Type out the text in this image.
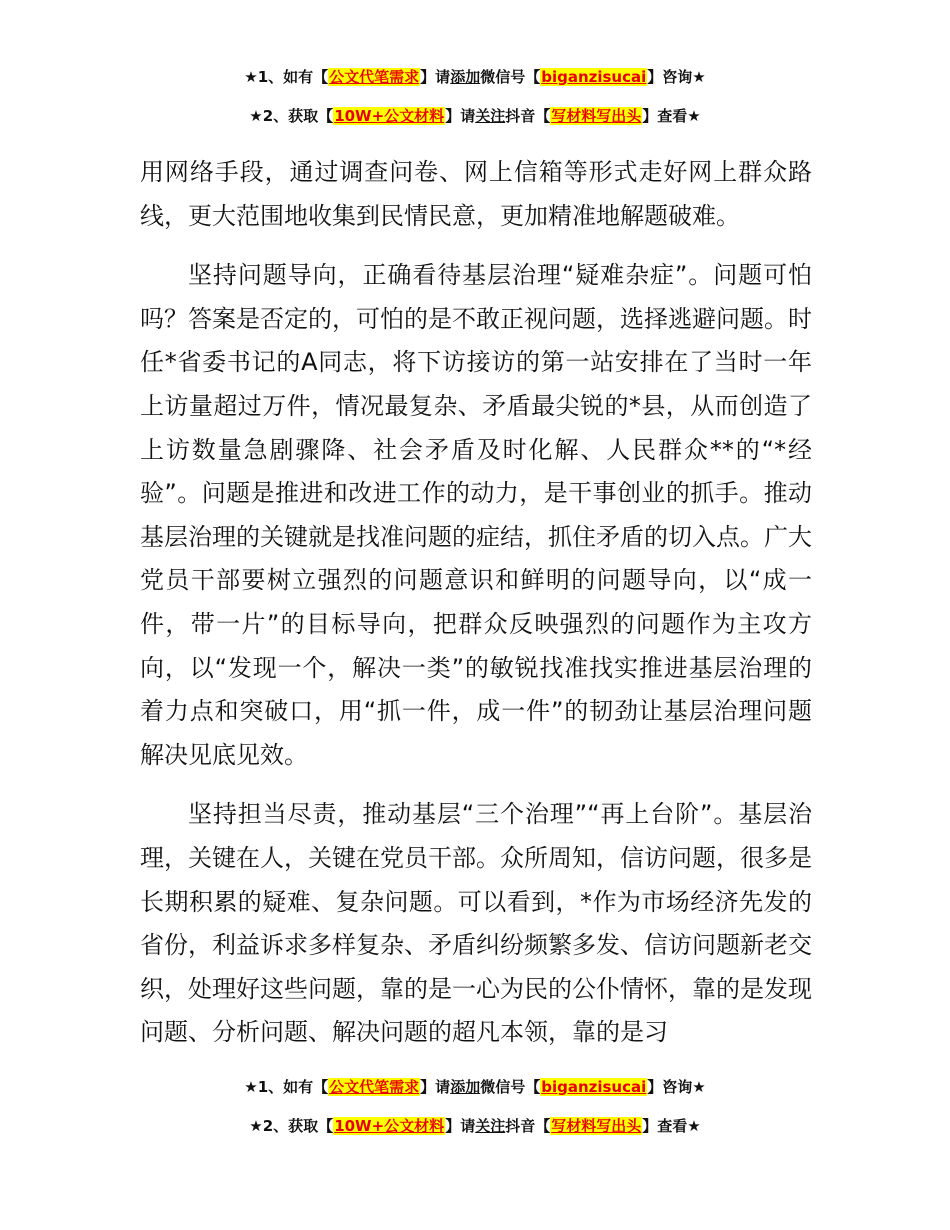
★1、如有【公文代笔需求】请添加微信号【biganzisucai】咨询★
★2、获取【10W+公文材料】请关注抖音【写材料写出头】查看★

用网络手段，通过调查问卷、网上信箱等形式走好网上群众路线，更大范围地收集到民情民意，更加精准地解题破难。

坚持问题导向，正确看待基层治理“疑难杂症”。问题可怕吗？答案是否定的，可怕的是不敢正视问题，选择逃避问题。时任*省委书记的A同志，将下访接访的第一站安排在了当时一年上访量超过万件，情况最复杂、矛盾最尖锐的*县，从而创造了上访数量急剧骤降、社会矛盾及时化解、人民群众**的“*经验”。问题是推进和改进工作的动力，是干事创业的抓手。推动基层治理的关键就是找准问题的症结，抓住矛盾的切入点。广大党员干部要树立强烈的问题意识和鲜明的问题导向，以“成一件，带一片”的目标导向，把群众反映强烈的问题作为主攻方向，以“发现一个，解决一类”的敏锐找准找实推进基层治理的着力点和突破口，用“抓一件，成一件”的韧劲让基层治理问题解决见底见效。

坚持担当尽责，推动基层“三个治理”“再上台阶”。基层治理，关键在人，关键在党员干部。众所周知，信访问题，很多是长期积累的疑难、复杂问题。可以看到，*作为市场经济先发的省份，利益诉求多样复杂、矛盾纠纷频繁多发、信访问题新老交织，处理好这些问题，靠的是一心为民的公仆情怀，靠的是发现问题、分析问题、解决问题的超凡本领，靠的是习

★1、如有【公文代笔需求】请添加微信号【biganzisucai】咨询★
★2、获取【10W+公文材料】请关注抖音【写材料写出头】查看★
